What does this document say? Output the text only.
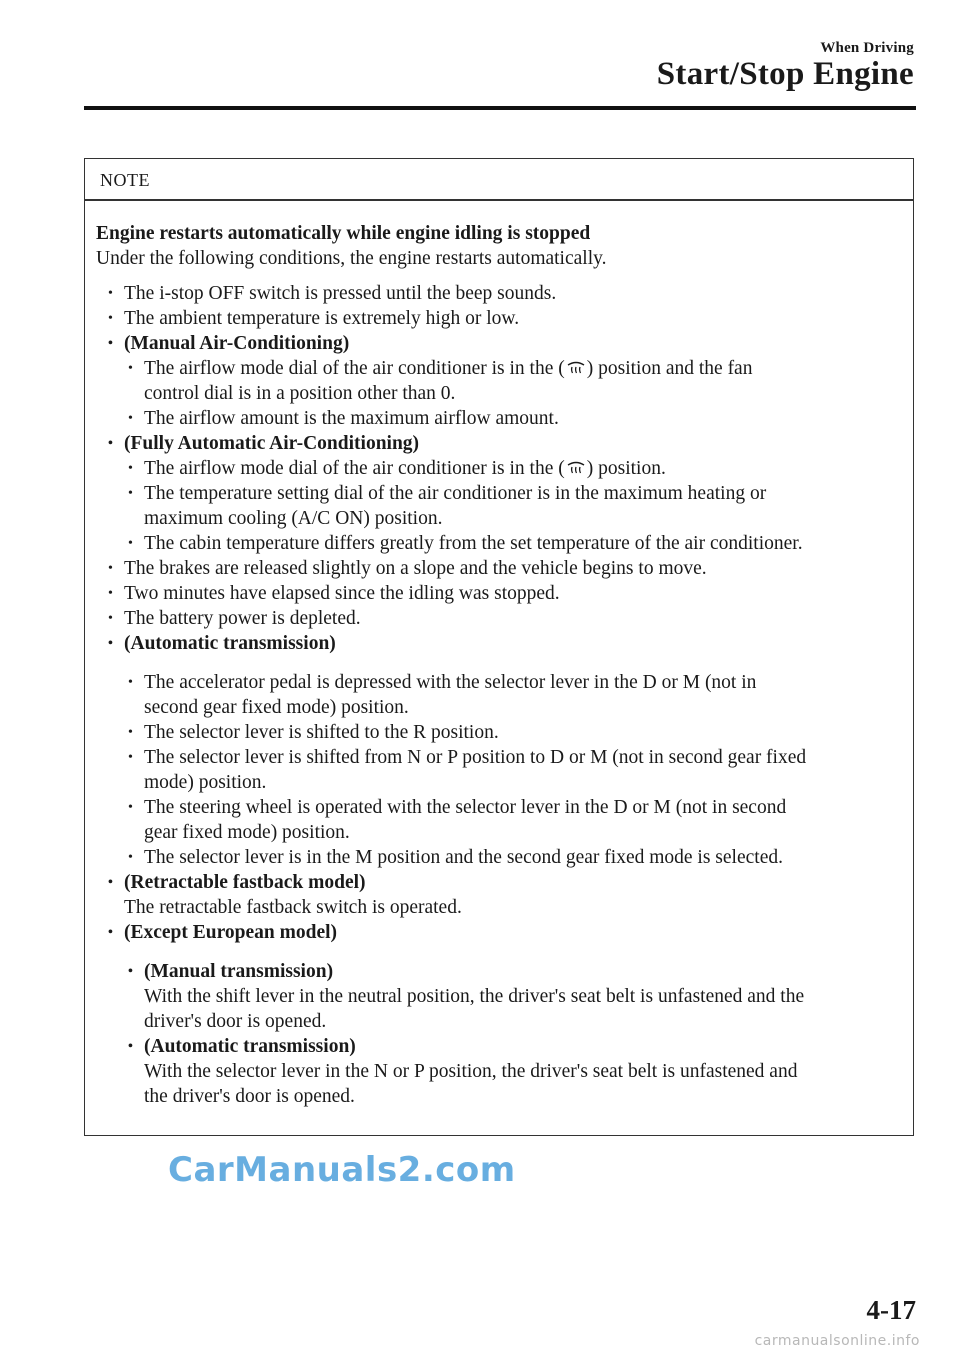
When Driving
Start/Stop Engine
NOTE
Engine restarts automatically while engine idling is stopped
Under the following conditions, the engine restarts automatically.
• The i-stop OFF switch is pressed until the beep sounds.
• The ambient temperature is extremely high or low.
• (Manual Air-Conditioning)
• The airflow mode dial of the air conditioner is in the ( ) position and the fan
control dial is in a position other than 0.
• The airflow amount is the maximum airflow amount.
• (Fully Automatic Air-Conditioning)
• The airflow mode dial of the air conditioner is in the ( ) position.
• The temperature setting dial of the air conditioner is in the maximum heating or
maximum cooling (A/C ON) position.
• The cabin temperature differs greatly from the set temperature of the air conditioner.
• The brakes are released slightly on a slope and the vehicle begins to move.
• Two minutes have elapsed since the idling was stopped.
• The battery power is depleted.
• (Automatic transmission)
• The accelerator pedal is depressed with the selector lever in the D or M (not in
second gear fixed mode) position.
• The selector lever is shifted to the R position.
• The selector lever is shifted from N or P position to D or M (not in second gear fixed
mode) position.
• The steering wheel is operated with the selector lever in the D or M (not in second
gear fixed mode) position.
• The selector lever is in the M position and the second gear fixed mode is selected.
• (Retractable fastback model)
The retractable fastback switch is operated.
• (Except European model)
• (Manual transmission)
With the shift lever in the neutral position, the driver's seat belt is unfastened and the
driver's door is opened.
• (Automatic transmission)
With the selector lever in the N or P position, the driver's seat belt is unfastened and
the driver's door is opened.
CarManuals2.com
4-17
carmanualsonline.info
